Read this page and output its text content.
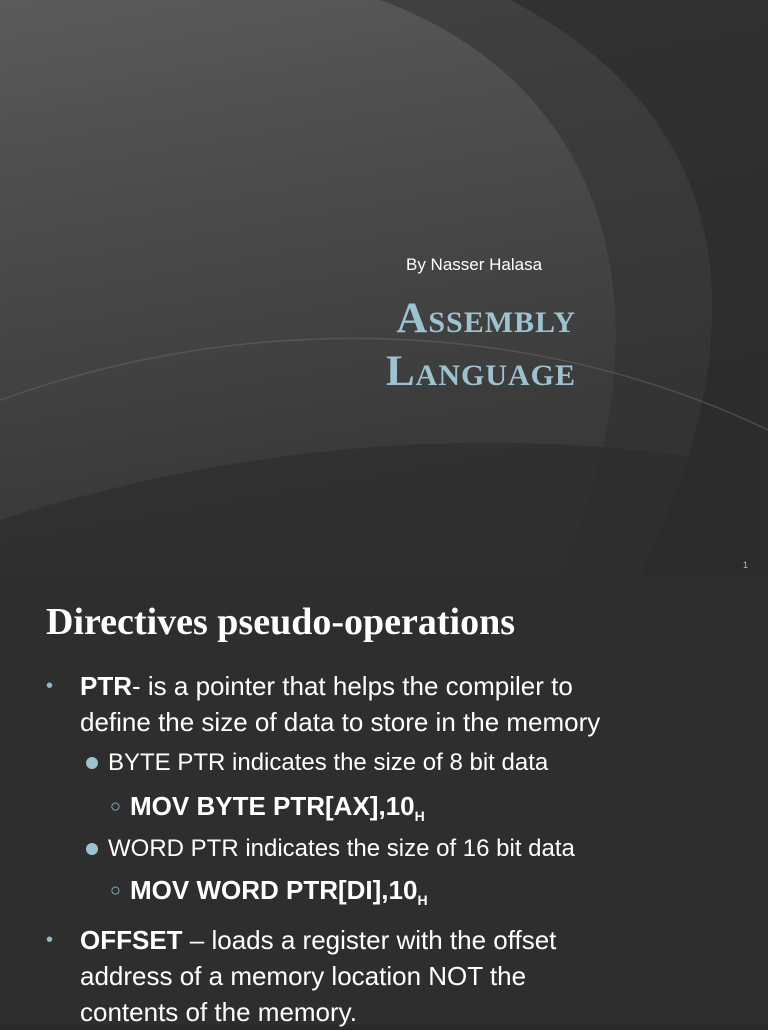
By Nasser Halasa
Assembly
Language
1
Directives pseudo-operations
• PTR- is a pointer that helps the compiler to
define the size of data to store in the memory
BYTE PTR indicates the size of 8 bit data
○ MOV BYTE $PTR[AX],10_H$
WORD PTR indicates the size of 16 bit data
○ MOV WORD $PTR[DI],10_H$
• OFFSET – loads a register with the offset
address of a memory location NOT the
contents of the memory.
